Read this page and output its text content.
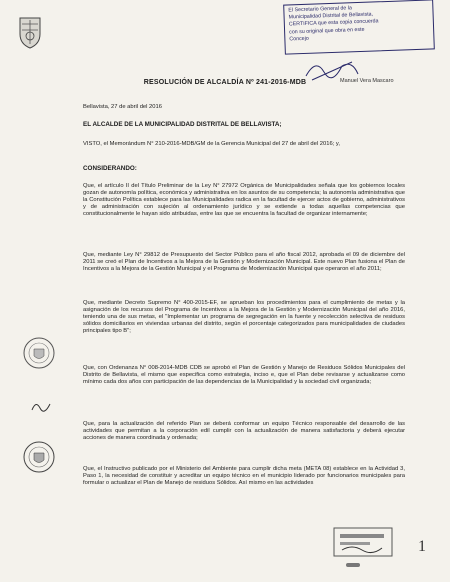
El Secretario General de la
Municipalidad Distrital de Bellavista,
CERTIFICA que esta copia concuerda
con su original que obra en este
Concejo
Manuel Vera Mascaro
RESOLUCIÓN DE ALCALDÍA Nº 241-2016-MDB
Bellavista, 27 de abril del 2016
EL ALCALDE DE LA MUNICIPALIDAD DISTRITAL DE BELLAVISTA;
VISTO, el Memorándum N° 210-2016-MDB/GM de la Gerencia Municipal del 27 de abril del 2016; y,
CONSIDERANDO:
Que, el artículo II del Título Preliminar de la Ley N° 27972 Orgánica de Municipalidades señala que los gobiernos locales gozan de autonomía política, económica y administrativa en los asuntos de su competencia; la autonomía administrativa que la Constitución Política establece para las Municipalidades radica en la facultad de ejercer actos de gobierno, administrativos y de administración con sujeción al ordenamiento jurídico y se extiende a todas aquellas competencias que constitucionalmente le hayan sido atribuidas, entre las que se encuentra la facultad de organizar internamente;
Que, mediante Ley N° 29812 de Presupuesto del Sector Público para el año fiscal 2012, aprobada el 09 de diciembre del 2011 se creó el Plan de Incentivos a la Mejora de la Gestión y Modernización Municipal. Este nuevo Plan fusiona el Plan de Incentivos a la Mejora de la Gestión Municipal y el Programa de Modernización Municipal que operaron el año 2011;
Que, mediante Decreto Supremo N° 400-2015-EF, se aprueban los procedimientos para el cumplimiento de metas y la asignación de los recursos del Programa de Incentivos a la Mejora de la Gestión y Modernización Municipal del año 2016, teniendo una de sus metas, el "Implementar un programa de segregación en la fuente y recolección selectiva de residuos sólidos domiciliarios en viviendas urbanas del distrito, según el porcentaje categorizados para municipalidades de ciudades principales tipo B";
Que, con Ordenanza N° 008-2014-MDB CDB se aprobó el Plan de Gestión y Manejo de Residuos Sólidos Municipales del Distrito de Bellavista, el mismo que especifica como estrategia, inciso e, que el Plan debe revisarse y actualizarse como mínimo cada dos años con participación de las dependencias de la Municipalidad y la sociedad civil organizada;
Que, para la actualización del referido Plan se deberá conformar un equipo Técnico responsable del desarrollo de las actividades que permitan a la corporación edil cumplir con la actualización de manera satisfactoria y deberá ejecutar acciones de manera coordinada y ordenada;
Que, el Instructivo publicado por el Ministerio del Ambiente para cumplir dicha meta (META 08) establece en la Actividad 3, Paso 1, la necesidad de constituir y acreditar un equipo técnico en el municipio liderado por funcionarios municipales para formular o actualizar el Plan de Manejo de residuos Sólidos. Así mismo en las actividades
1
